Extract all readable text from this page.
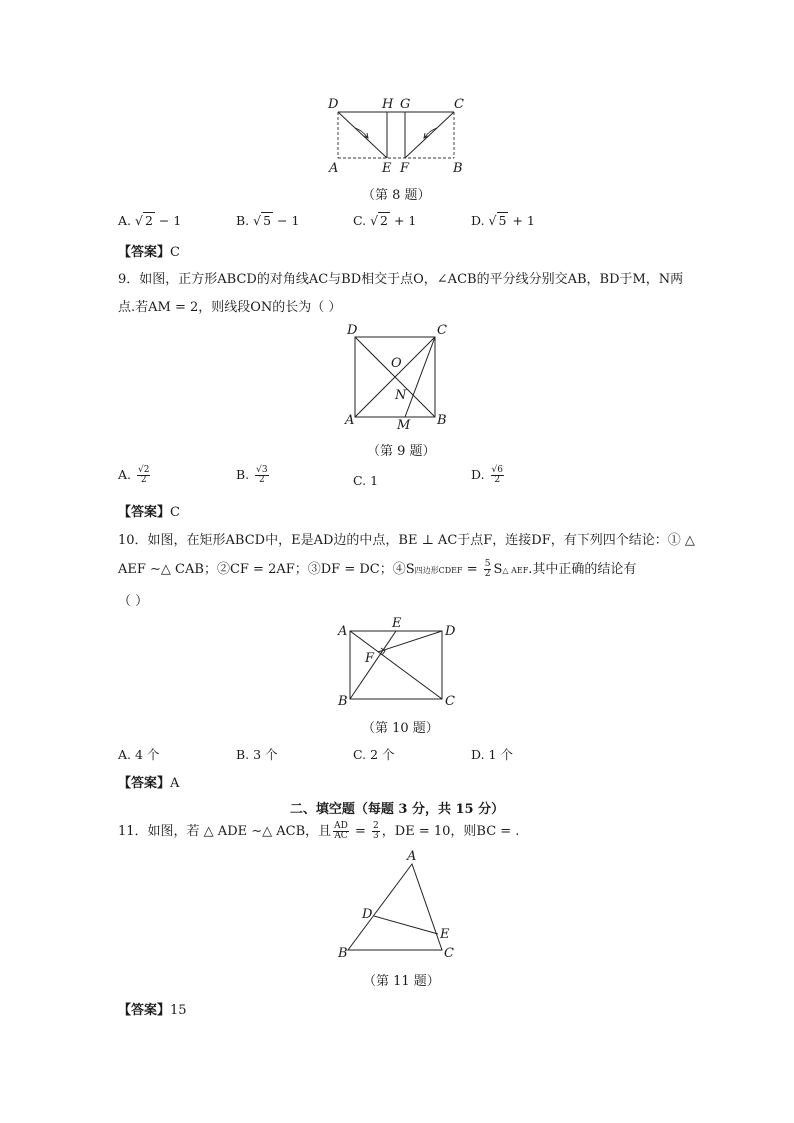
D	H G	C
A	E F	B
（第 8 题）
A. √ 2 − 1	B. √ 5 − 1	C. √ 2 + 1	D. √ 5 + 1
【答案】C
9．如图，正方形ABCD的对角线AC与BD相交于点O，∠ACB的平分线分别交AB，BD于M，N两
点.若AM = 2，则线段ON的长为（ ）
D	C
O
N
A	M B
（第 9 题）
A. $\frac{√2}{2}$	B. $\frac{√3}{2}$	C. 1	D. $\frac{√6}{2}$
【答案】C
10．如图，在矩形ABCD中，E是AD边的中点，BE ⊥ AC于点F，连接DF，有下列四个结论：① △
AEF ∼△ CAB；②CF = 2AF；③DF = DC；④S四边形CDEF = $\frac{5}{2}$ S△ AEF.其中正确的结论有
（ ）
A
E
D
F
B	C
（第 10 题）
A. 4 个	B. 3 个	C. 2 个	D. 1 个
【答案】A
二、填空题（每题 3 分，共 15 分）
11．如图，若 △ ADE ∼△ ACB，且 $\frac{AD}{AC} = \frac{2}{3}$ ，DE = 10，则BC = .
A
D
E
B	C
（第 11 题）
【答案】15
